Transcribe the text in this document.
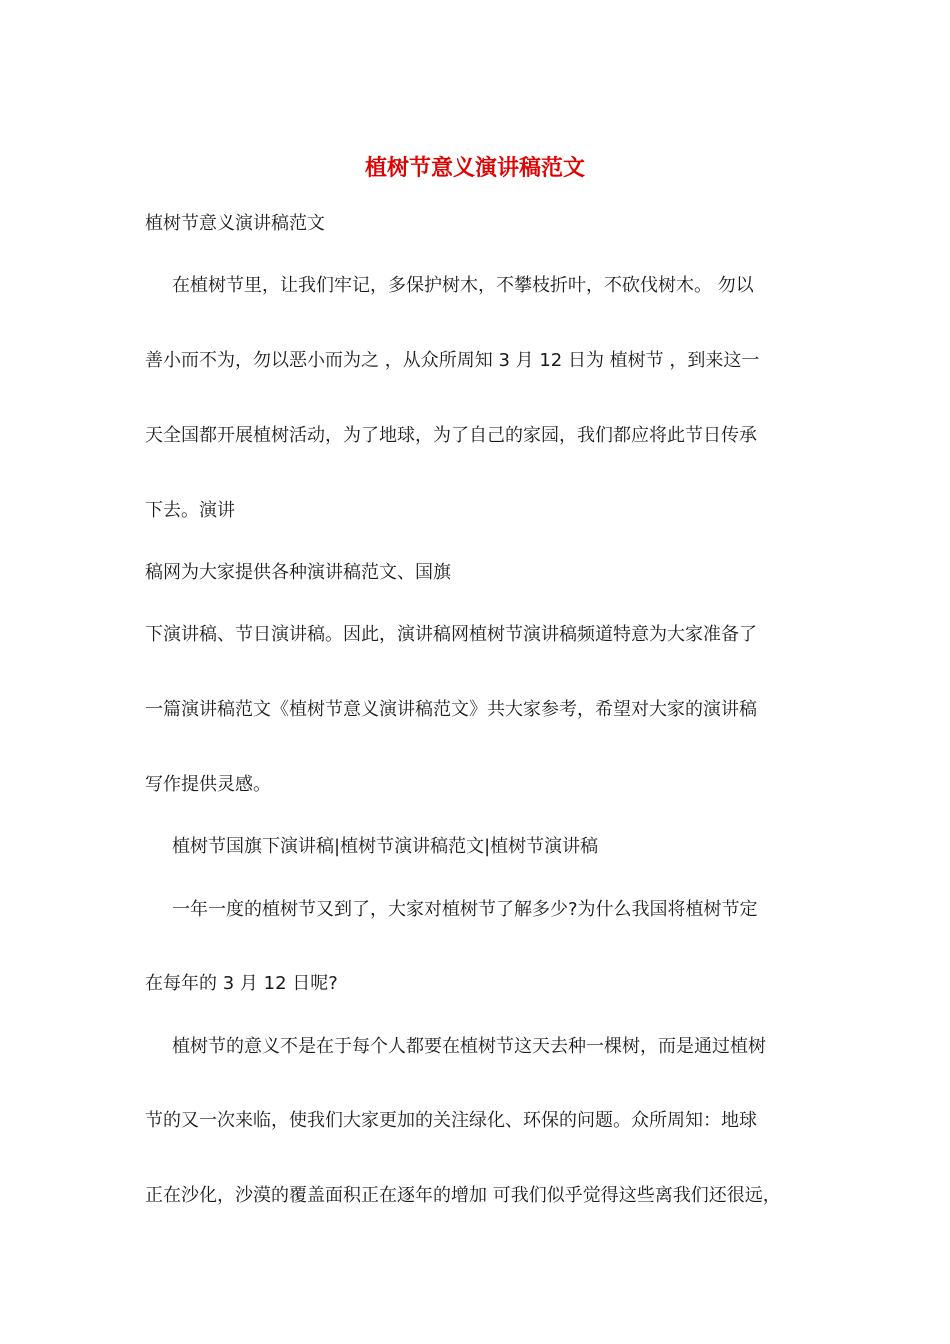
植树节意义演讲稿范文
植树节意义演讲稿范文
在植树节里，让我们牢记，多保护树木，不攀枝折叶，不砍伐树木。 勿以
善小而不为，勿以恶小而为之 ，从众所周知 3 月 12 日为 植树节 ，到来这一
天全国都开展植树活动，为了地球，为了自己的家园，我们都应将此节日传承
下去。演讲
稿网为大家提供各种演讲稿范文、国旗
下演讲稿、节日演讲稿。因此，演讲稿网植树节演讲稿频道特意为大家准备了
一篇演讲稿范文《植树节意义演讲稿范文》共大家参考，希望对大家的演讲稿
写作提供灵感。
植树节国旗下演讲稿|植树节演讲稿范文|植树节演讲稿
一年一度的植树节又到了，大家对植树节了解多少?为什么我国将植树节定
在每年的 3 月 12 日呢?
植树节的意义不是在于每个人都要在植树节这天去种一棵树，而是通过植树
节的又一次来临，使我们大家更加的关注绿化、环保的问题。众所周知：地球
正在沙化，沙漠的覆盖面积正在逐年的增加 可我们似乎觉得这些离我们还很远，
